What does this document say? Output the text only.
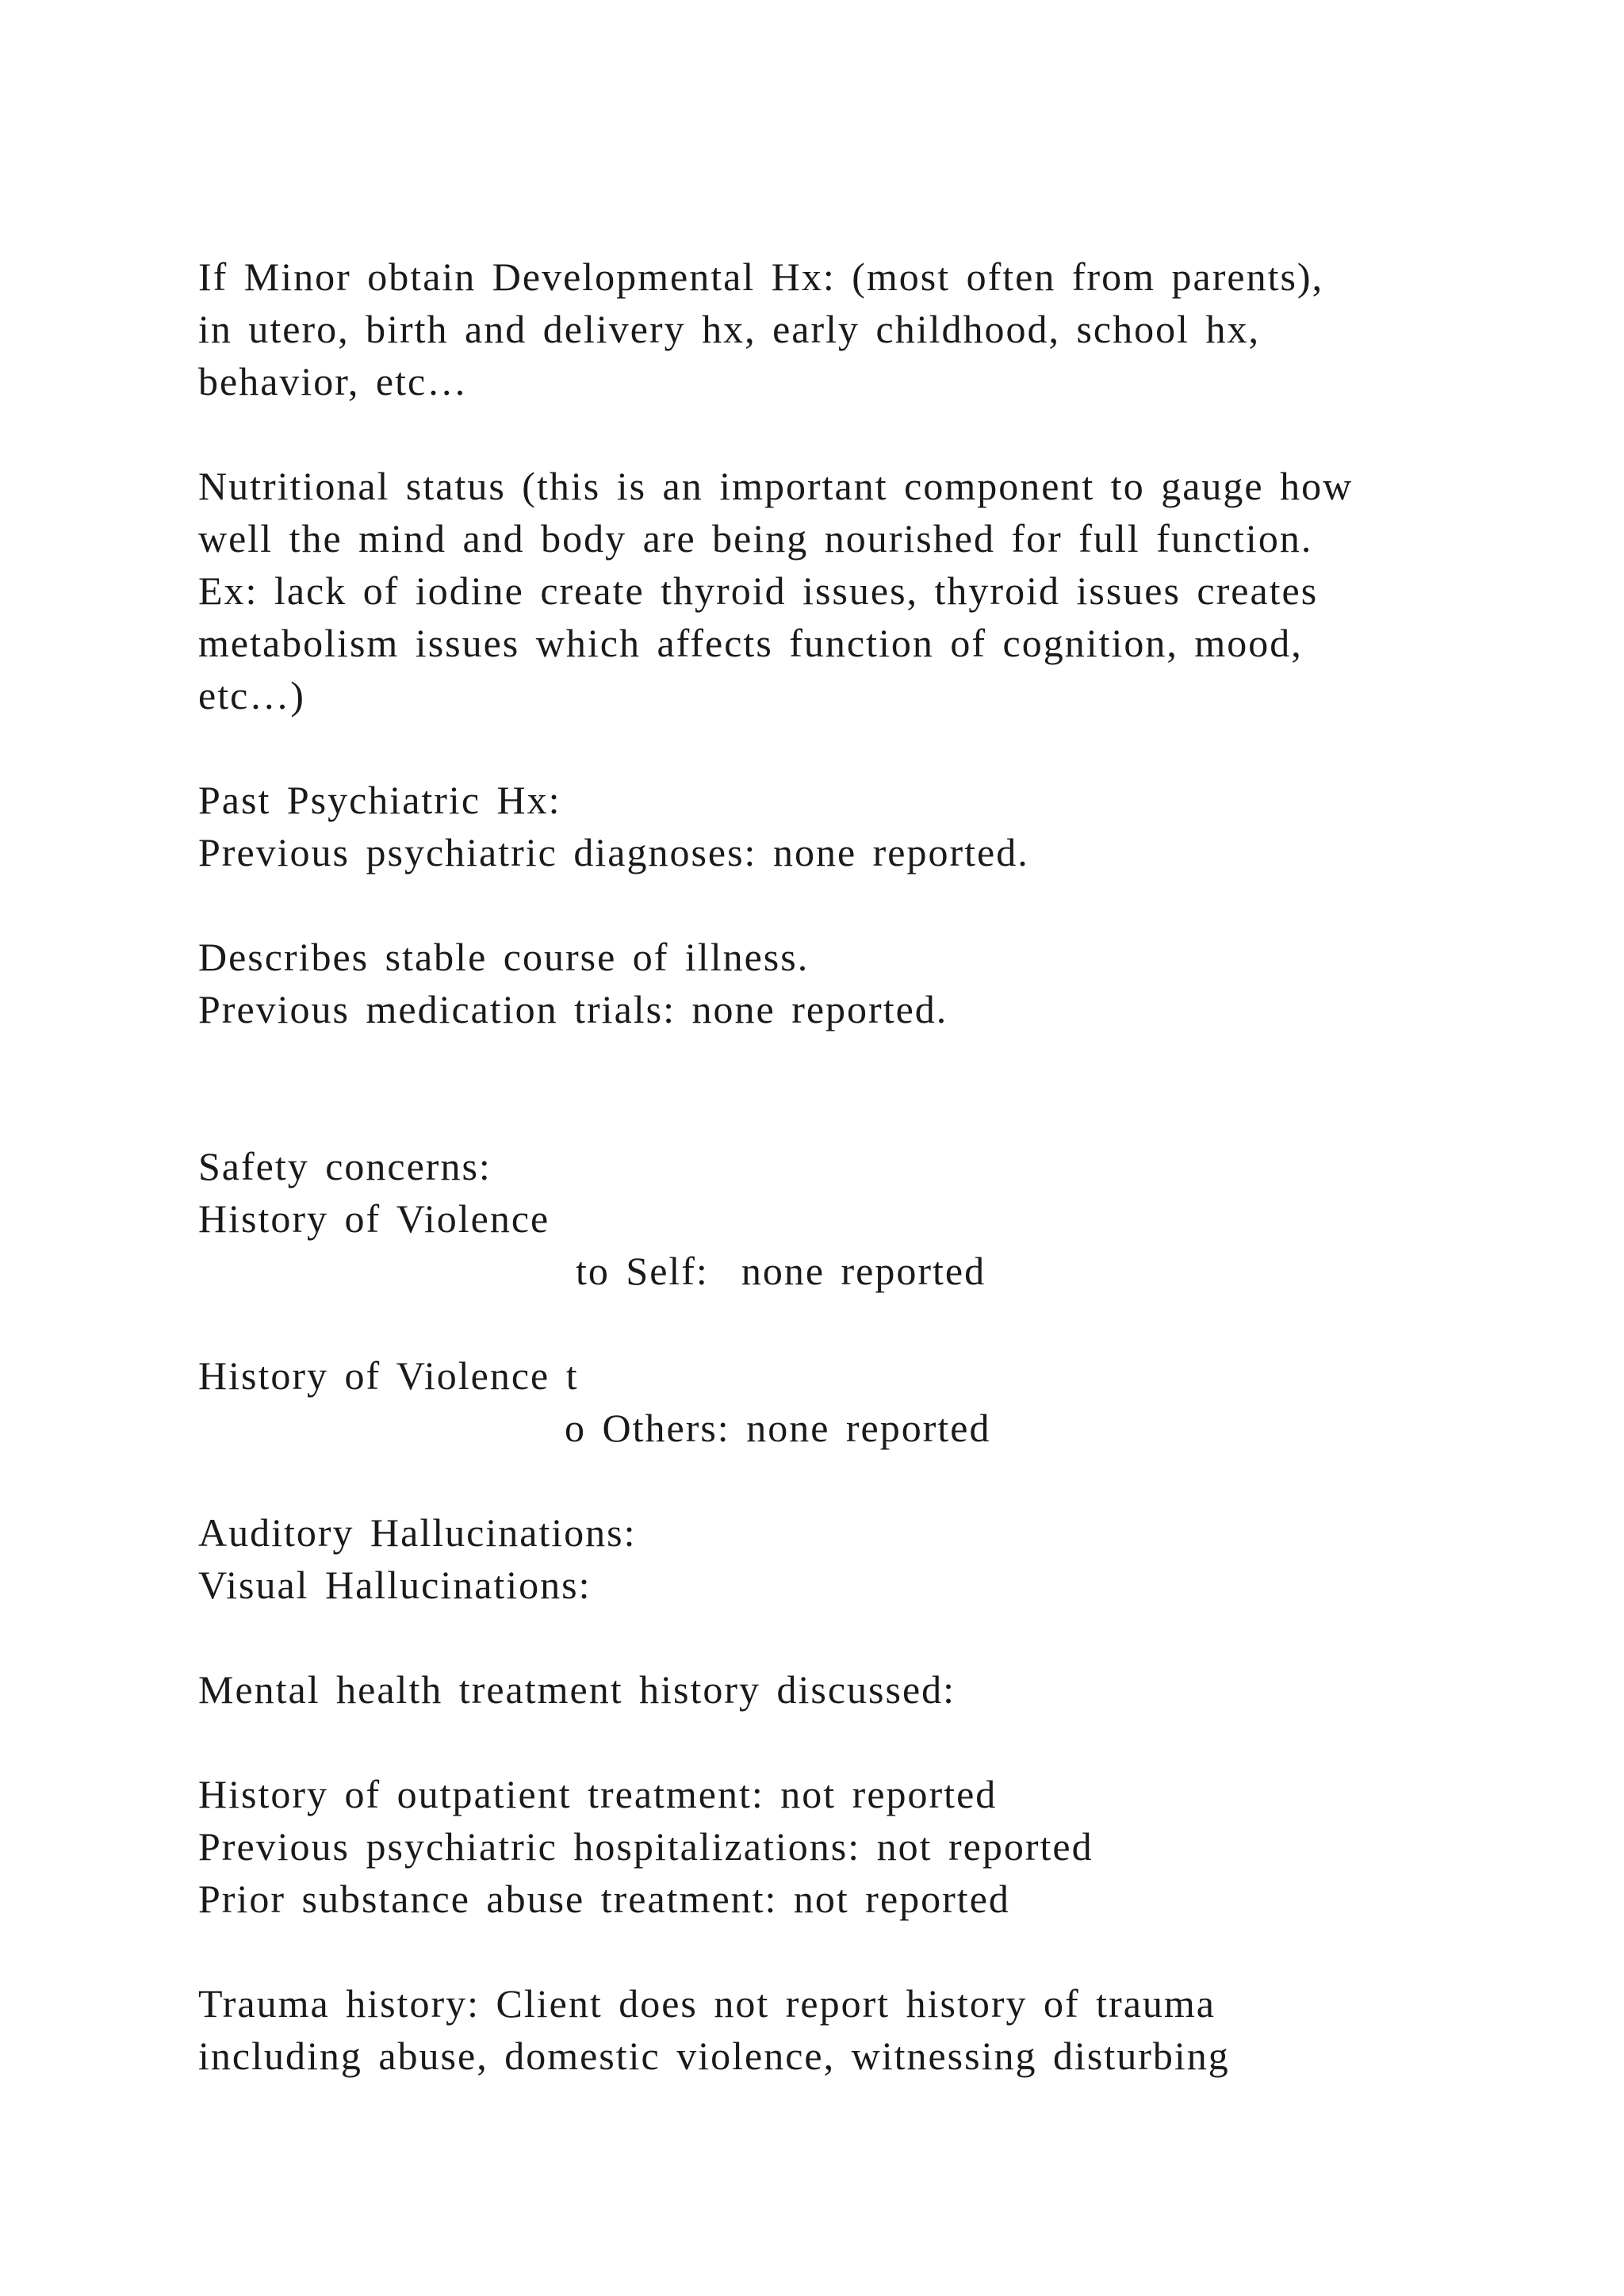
If Minor obtain Developmental Hx: (most often from parents),
in utero, birth and delivery hx, early childhood, school hx,
behavior, etc…
Nutritional status (this is an important component to gauge how
well the mind and body are being nourished for full function.
Ex: lack of iodine create thyroid issues, thyroid issues creates
metabolism issues which affects function of cognition, mood,
etc…)
Past Psychiatric Hx:
Previous psychiatric diagnoses: none reported.
Describes stable course of illness.
Previous medication trials: none reported.
Safety concerns:
History of Violence
to Self:  none reported
History of Violence t
o Others: none reported
Auditory Hallucinations:
Visual Hallucinations:
Mental health treatment history discussed:
History of outpatient treatment: not reported
Previous psychiatric hospitalizations: not reported
Prior substance abuse treatment: not reported
Trauma history: Client does not report history of trauma
including abuse, domestic violence, witnessing disturbing
